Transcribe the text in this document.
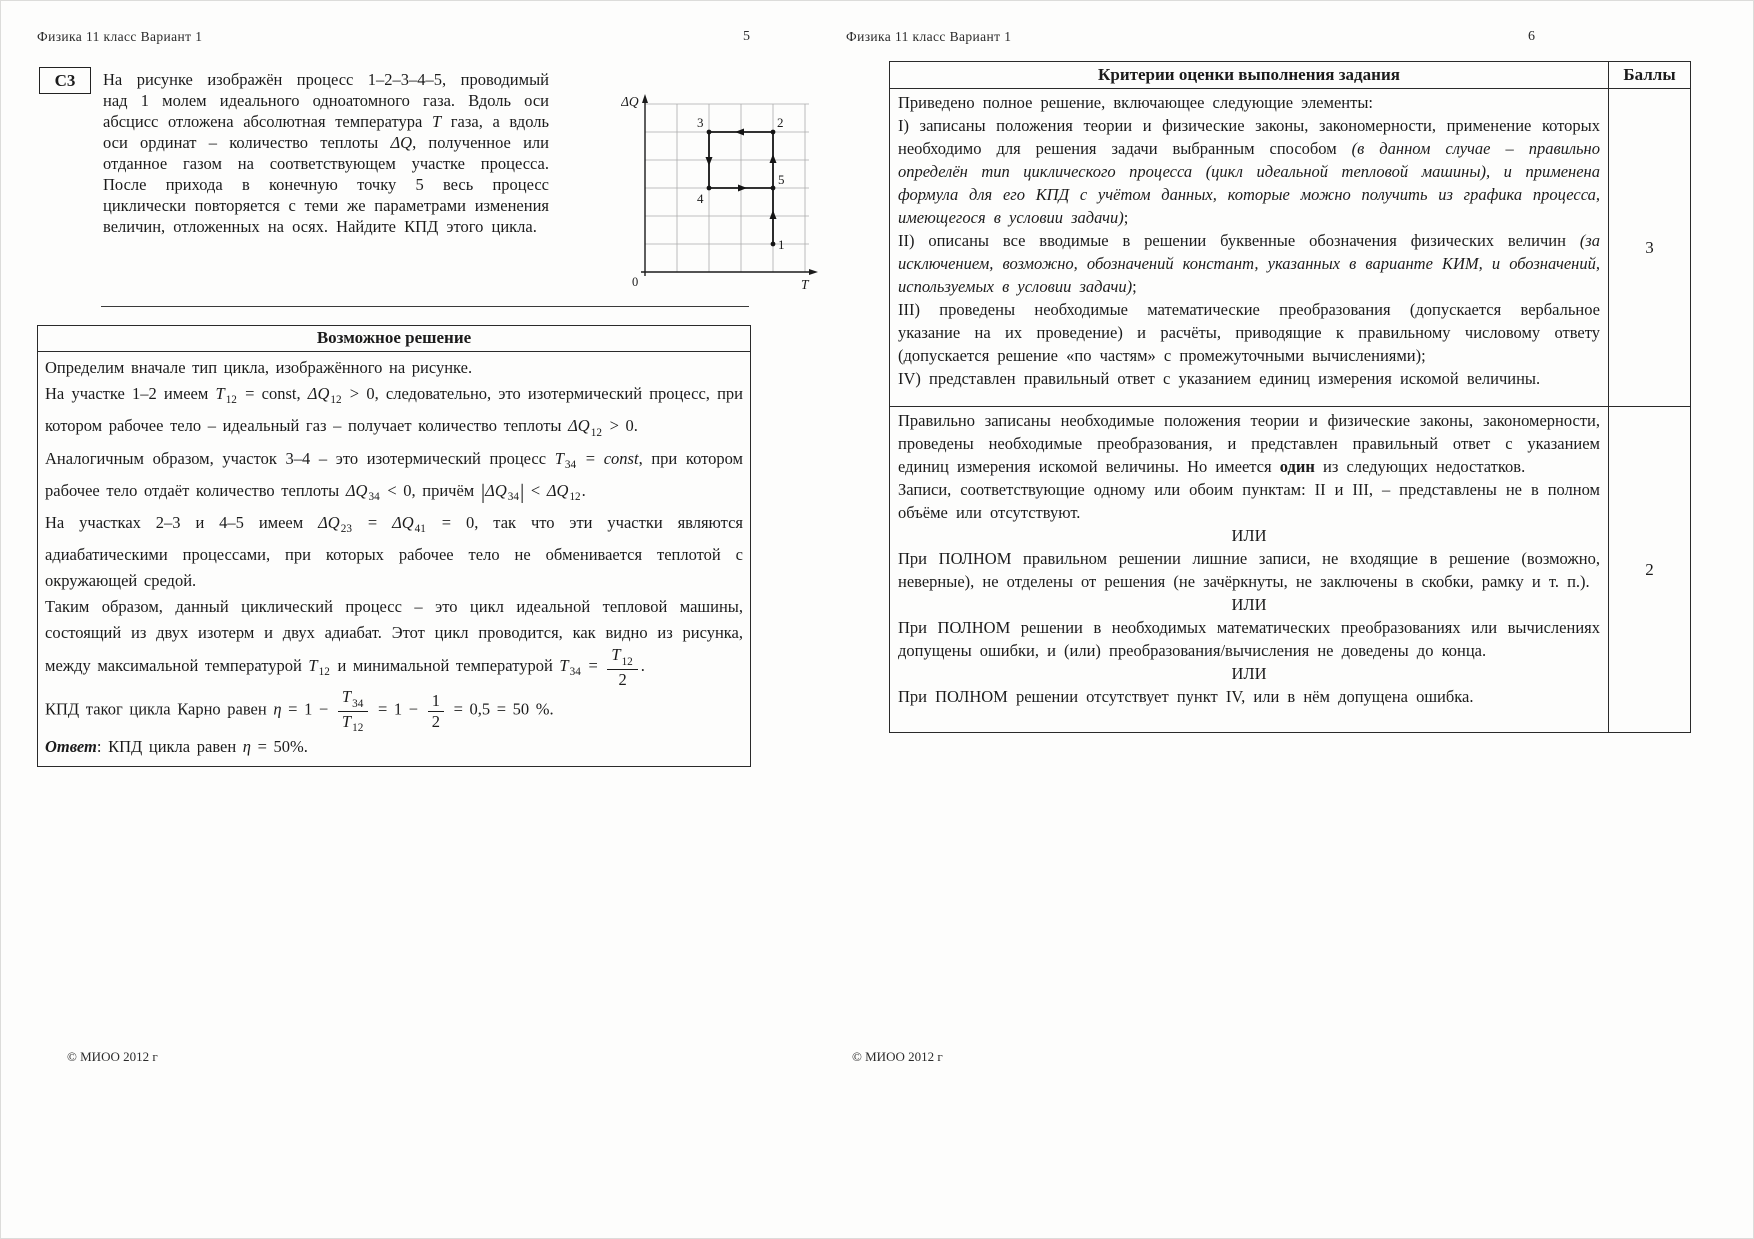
Физика 11 класс Вариант 1	5
С3 На рисунке изображён процесс 1–2–3–4–5, проводимый над 1 молем идеального одноатомного газа. Вдоль оси абсцисс отложена абсолютная температура T газа, а вдоль оси ординат – количество теплоты ΔQ, полученное или отданное газом на соответствующем участке процесса. После прихода в конечную точку 5 весь процесс циклически повторяется с теми же параметрами изменения величин, отложенных на осях. Найдите КПД этого цикла.
ΔQ
T
0
1
2
3
4
5
Возможное решение

Определим вначале тип цикла, изображённого на рисунке.

На участке 1–2 имеем $T_{12}$ = const, $\Delta Q_{12} > 0$, следовательно, это изотермический процесс, при котором рабочее тело – идеальный газ – получает количество теплоты $\Delta Q_{12} > 0$.

Аналогичным образом, участок 3–4 – это изотермический процесс $T_{34}$ = const, при котором рабочее тело отдаёт количество теплоты $\Delta Q_{34} < 0$, причём $|\Delta Q_{34}| < \Delta Q_{12}$.

На участках 2–3 и 4–5 имеем $\Delta Q_{23} = \Delta Q_{41} = 0$, так что эти участки являются адиабатическими процессами, при которых рабочее тело не обменивается теплотой с окружающей средой.

Таким образом, данный циклический процесс – это цикл идеальной тепловой машины, состоящий из двух изотерм и двух адиабат. Этот цикл проводится, как видно из рисунка, между максимальной температурой $T_{12}$ и минимальной температурой $T_{34} = \frac{T_{12}}{2}$ .

КПД таког цикла Карно равен $\eta = 1 - \frac{T_{34}}{T_{12}} = 1 - \frac{1}{2} = 0,5 = 50$ %.

Ответ: КПД цикла равен η = 50%.

© МИОО 2012 г
Физика 11 класс Вариант 1	6
Критерии оценки выполнения задания	Баллы

Приведено полное решение, включающее следующие элементы:

I) записаны положения теории и физические законы, закономерности, применение которых необходимо для решения задачи выбранным способом (в данном случае – правильно определён тип циклического процесса (цикл идеальной тепловой машины), и применена формула для его КПД с учётом данных, которые можно получить из графика процесса, имеющегося в условии задачи);

II) описаны все вводимые в решении буквенные обозначения физических величин (за исключением, возможно, обозначений констант, указанных в варианте КИМ, и обозначений, используемых в условии задачи);

III) проведены необходимые математические преобразования (допускается вербальное указание на их проведение) и расчёты, приводящие к правильному числовому ответу (допускается решение «по частям» с промежуточными вычислениями);

IV) представлен правильный ответ с указанием единиц измерения искомой величины.	3

Правильно записаны необходимые положения теории и физические законы, закономерности, проведены необходимые преобразования, и представлен правильный ответ с указанием единиц измерения искомой величины. Но имеется один из следующих недостатков.

Записи, соответствующие одному или обоим пунктам: II и III, – представлены не в полном объёме или отсутствуют.

ИЛИ

При ПОЛНОМ правильном решении лишние записи, не входящие в решение (возможно, неверные), не отделены от решения (не зачёркнуты, не заключены в скобки, рамку и т. п.).

ИЛИ

При ПОЛНОМ решении в необходимых математических преобразованиях или вычислениях допущены ошибки, и (или) преобразования/вычисления не доведены до конца.

ИЛИ

При ПОЛНОМ решении отсутствует пункт IV, или в нём допущена ошибка.

	2
© МИОО 2012 г
